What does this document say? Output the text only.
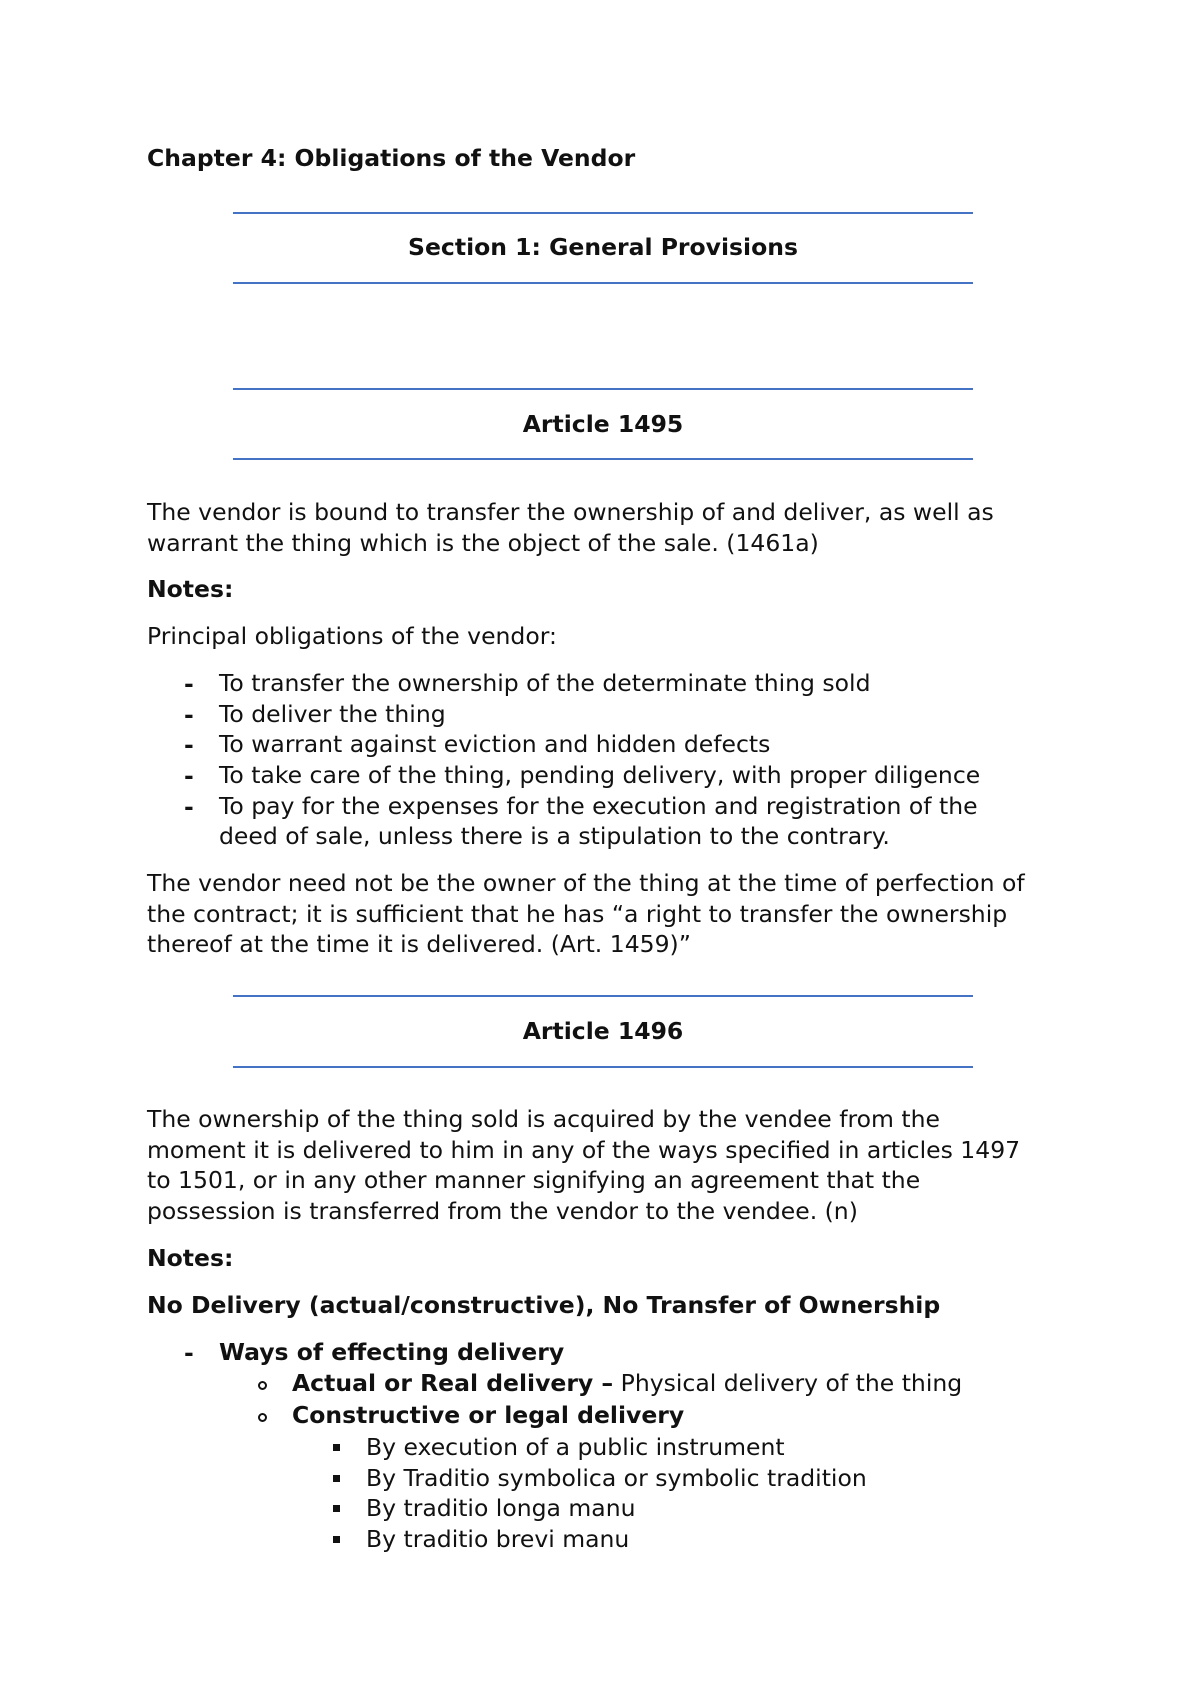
Chapter 4: Obligations of the Vendor
Section 1: General Provisions
Article 1495
The vendor is bound to transfer the ownership of and deliver, as well as
warrant the thing which is the object of the sale. (1461a)
Notes:
Principal obligations of the vendor:
- To transfer the ownership of the determinate thing sold
- To deliver the thing
- To warrant against eviction and hidden defects
- To take care of the thing, pending delivery, with proper diligence
- To pay for the expenses for the execution and registration of the
deed of sale, unless there is a stipulation to the contrary.
The vendor need not be the owner of the thing at the time of perfection of
the contract; it is sufficient that he has “a right to transfer the ownership
thereof at the time it is delivered. (Art. 1459)”
Article 1496
The ownership of the thing sold is acquired by the vendee from the
moment it is delivered to him in any of the ways specified in articles 1497
to 1501, or in any other manner signifying an agreement that the
possession is transferred from the vendor to the vendee. (n)
Notes:
No Delivery (actual/constructive), No Transfer of Ownership
- Ways of effecting delivery
Actual or Real delivery – Physical delivery of the thing
Constructive or legal delivery
By execution of a public instrument
By Traditio symbolica or symbolic tradition
By traditio longa manu
By traditio brevi manu
